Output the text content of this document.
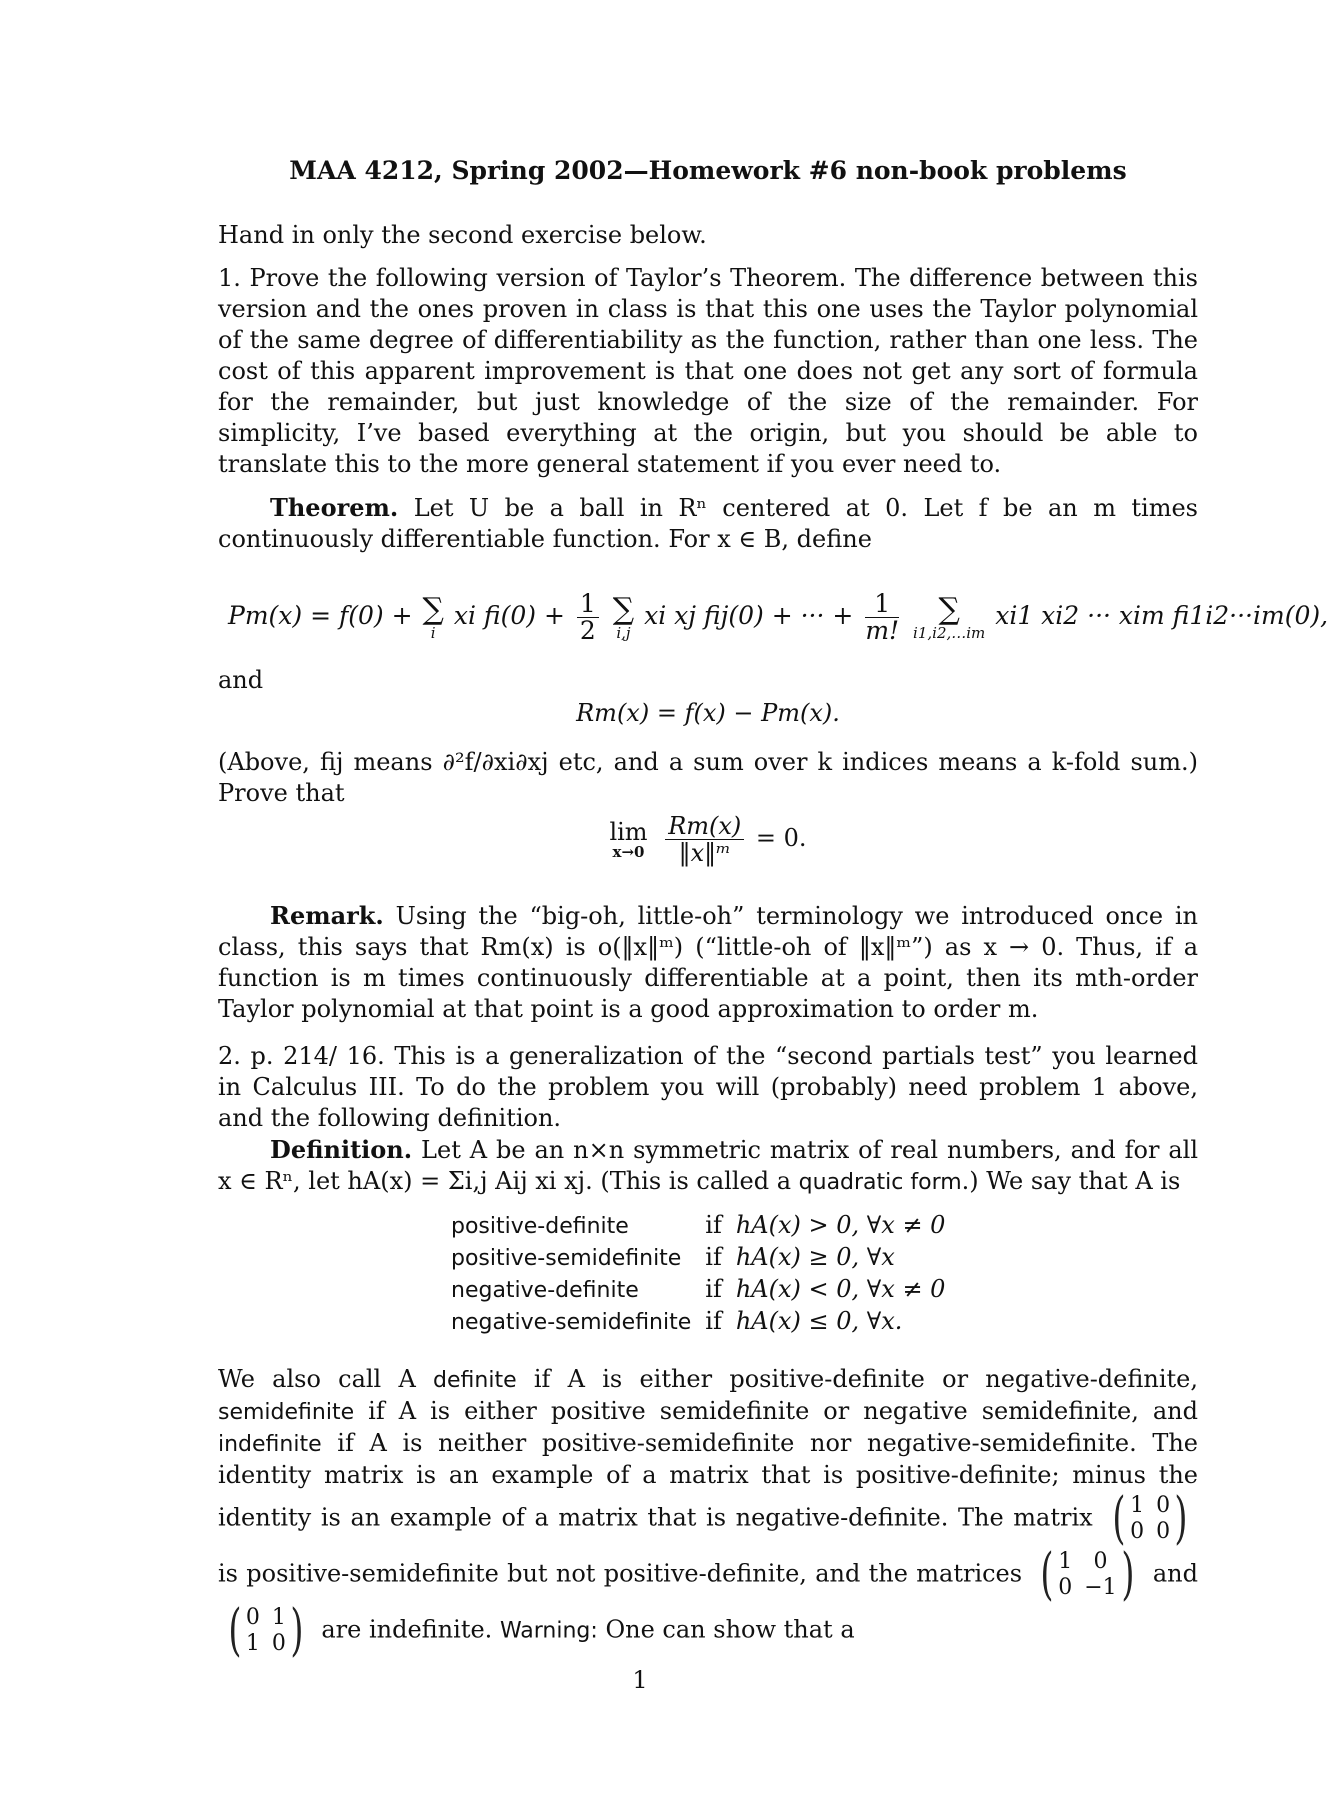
MAA 4212, Spring 2002—Homework #6 non-book problems

Hand in only the second exercise below.

1. Prove the following version of Taylor’s Theorem. The difference between this version and the ones proven in class is that this one uses the Taylor polynomial of the same degree of differentiability as the function, rather than one less. The cost of this apparent improvement is that one does not get any sort of formula for the remainder, but just knowledge of the size of the remainder. For simplicity, I’ve based everything at the origin, but you should be able to translate this to the more general statement if you ever need to.

Theorem. Let U be a ball in Rⁿ centered at 0. Let f be an m times continuously differentiable function. For x ∈ B, define

Pm(x) = f(0) + ∑
i
xi $fi(0) + \frac{1}{2}$
∑
i,j
xi xj fij(0) + ··· + $\frac{1}{m!}$
	∑
i1,i2,…im
xi1 xi2 ··· xim fi1i2···im(0),

and

Rm(x) = f(x) − Pm(x).

(Above, fij means ∂²f/∂xi∂xj etc, and a sum over k indices means a k-fold sum.) Prove that

lim
x→0
$\frac{Rm(x)}{\text{‖x‖ᵐ}} = 0$.

Remark. Using the “big-oh, little-oh” terminology we introduced once in class, this says that Rm(x) is o(‖x‖ᵐ) (“little-oh of ‖x‖ᵐ”) as x → 0. Thus, if a function is m times continuously differentiable at a point, then its mth-order Taylor polynomial at that point is a good approximation to order m.

2. p. 214/ 16. This is a generalization of the “second partials test” you learned in Calculus III. To do the problem you will (probably) need problem 1 above, and the following definition.

Definition. Let A be an n×n symmetric matrix of real numbers, and for all x ∈ Rⁿ, let hA(x) = Σi,j Aij xi xj. (This is called a quadratic form.) We say that A is

positive-definite	if	hA(x) > 0, ∀x ≠ 0
positive-semidefinite	if	hA(x) ≥ 0, ∀x
negative-definite	if	hA(x) < 0, ∀x ≠ 0
negative-semidefinite	if	hA(x) ≤ 0, ∀x.

We also call A definite if A is either positive-definite or negative-definite, semidefinite if A is either positive semidefinite or negative semidefinite, and indefinite if A is neither positive-semidefinite nor negative-semidefinite. The identity matrix is an example of a matrix that is positive-definite; minus the identity is an example of a matrix that is negative-definite. The matrix ( 1 0
0 0 )
is positive-semidefinite but not positive-definite, and the matrices ( 1 0
0 −1 ) and
( 0 1
1 0 ) are indefinite. Warning: One can show that a

1
